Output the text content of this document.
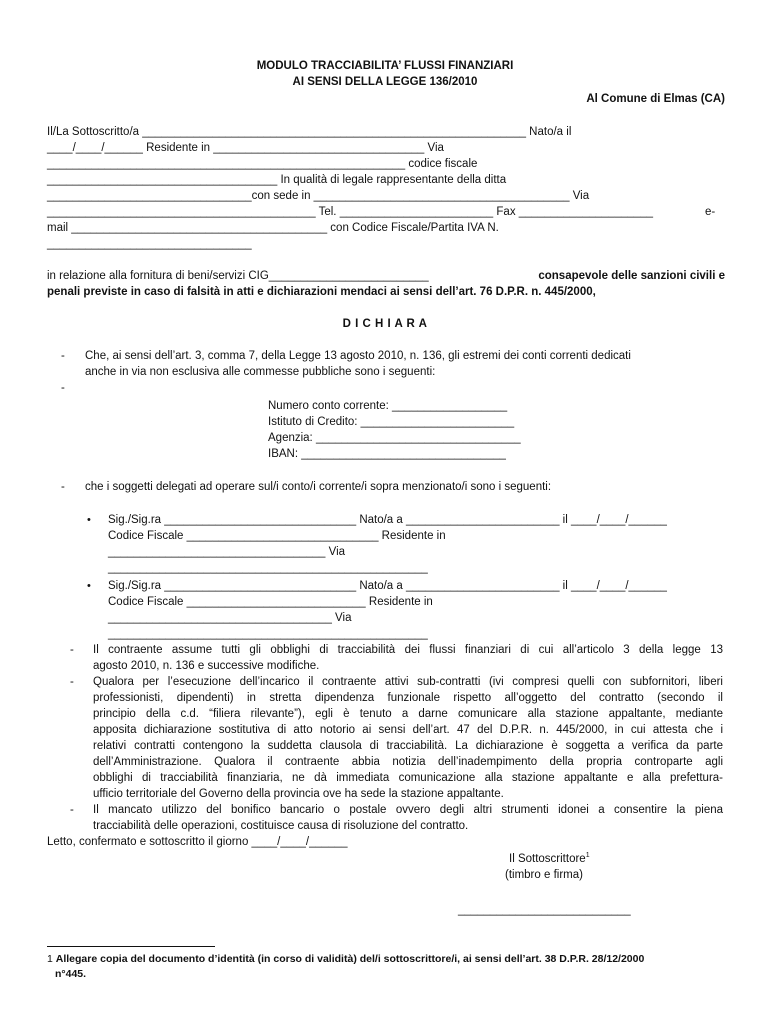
MODULO TRACCIABILITA’ FLUSSI FINANZIARI

AI SENSI DELLA LEGGE 136/2010

Al Comune di Elmas (CA)

Il/La Sottoscritto/a ____________________________________________________________ Nato/a il

____/____/______ Residente in _________________________________ Via

________________________________________________________ codice fiscale

____________________________________ In qualità di legale rappresentante della ditta

________________________________con sede in ________________________________________ Via

__________________________________________ Tel. ________________________ Fax _____________________	e-

mail ________________________________________ con Codice Fiscale/Partita IVA N.

________________________________

in relazione alla fornitura di beni/servizi CIG_________________________	consapevole delle sanzioni civili e

penali previste in caso di falsità in atti e dichiarazioni mendaci ai sensi dell’art. 76 D.P.R. n. 445/2000,

D I C H I A R A

- Che, ai sensi dell’art. 3, comma 7, della Legge 13 agosto 2010, n. 136, gli estremi dei conti correnti dedicati

anche in via non esclusiva alle commesse pubbliche sono i seguenti:

-

Numero conto corrente: __________________

Istituto di Credito: ________________________

Agenzia: ________________________________

IBAN: ________________________________

- che i soggetti delegati ad operare sul/i conto/i corrente/i sopra menzionato/i sono i seguenti:

• Sig./Sig.ra ______________________________ Nato/a a ________________________ il ____/____/______

Codice Fiscale ______________________________ Residente in

__________________________________ Via

__________________________________________________

• Sig./Sig.ra ______________________________ Nato/a a ________________________ il ____/____/______

Codice Fiscale ____________________________ Residente in

___________________________________ Via

__________________________________________________

- Il contraente assume tutti gli obblighi di tracciabilità dei flussi finanziari di cui all’articolo 3 della legge 13

agosto 2010, n. 136 e successive modifiche.

- Qualora per l’esecuzione dell’incarico il contraente attivi sub-contratti (ivi compresi quelli con subfornitori, liberi

professionisti, dipendenti) in stretta dipendenza funzionale rispetto all’oggetto del contratto (secondo il

principio della c.d. “filiera rilevante”), egli è tenuto a darne comunicare alla stazione appaltante, mediante

apposita dichiarazione sostitutiva di atto notorio ai sensi dell’art. 47 del D.P.R. n. 445/2000, in cui attesta che i

relativi contratti contengono la suddetta clausola di tracciabilità. La dichiarazione è soggetta a verifica da parte

dell’Amministrazione. Qualora il contraente abbia notizia dell’inadempimento della propria controparte agli

obblighi di tracciabilità finanziaria, ne dà immediata comunicazione alla stazione appaltante e alla prefettura-

ufficio territoriale del Governo della provincia ove ha sede la stazione appaltante.

- Il mancato utilizzo del bonifico bancario o postale ovvero degli altri strumenti idonei a consentire la piena

tracciabilità delle operazioni, costituisce causa di risoluzione del contratto.

Letto, confermato e sottoscritto il giorno ____/____/______

Il Sottoscrittore$^1$

(timbro e firma)

___________________________

1 Allegare copia del documento d’identità (in corso di validità) del/i sottoscrittore/i, ai sensi dell’art. 38 D.P.R. 28/12/2000

n°445.
